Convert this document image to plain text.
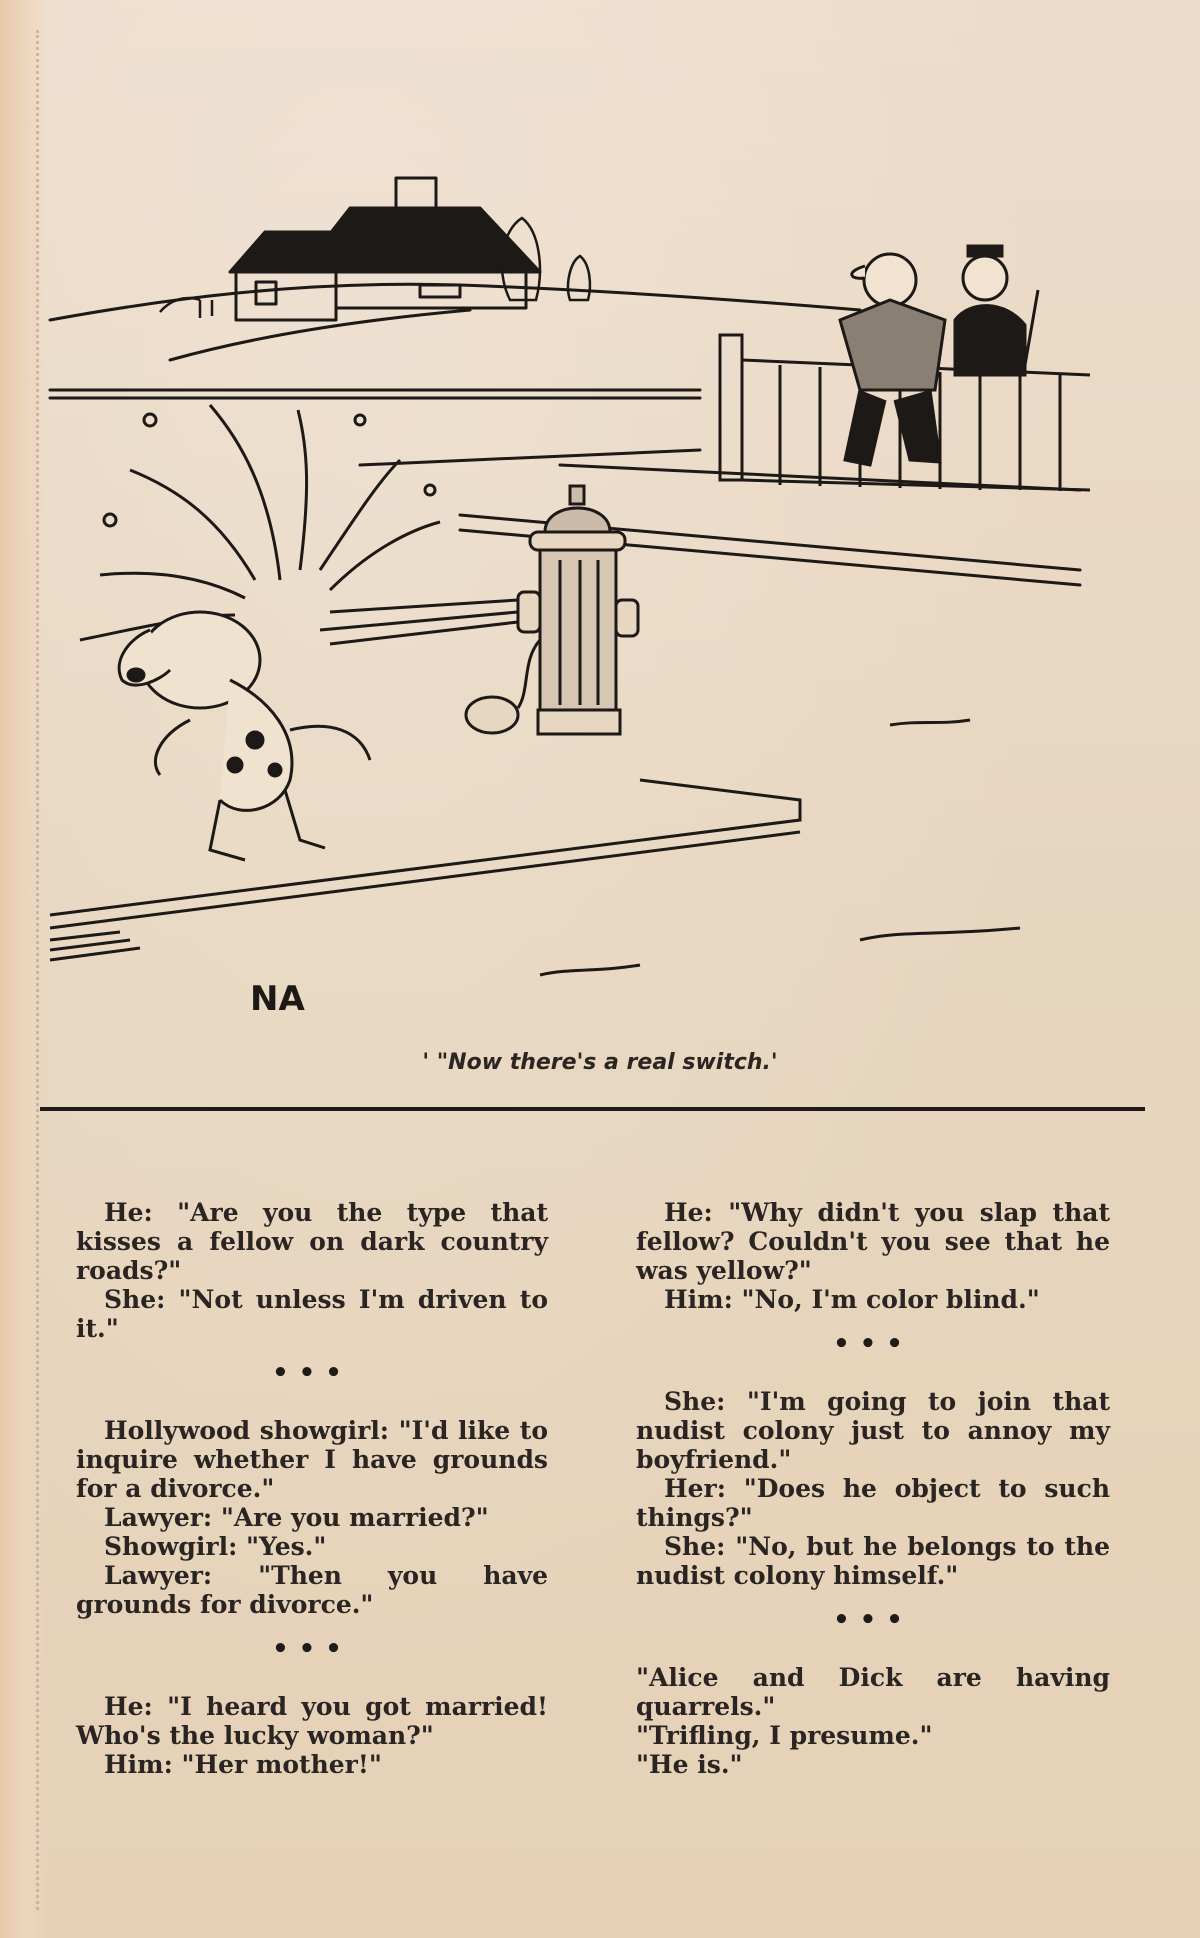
NA
' "Now there's a real switch.'

He: "Are you the type that kisses a fellow on dark country roads?"

She: "Not unless I'm driven to it."

•••

Hollywood showgirl: "I'd like to inquire whether I have grounds for a divorce."

Lawyer: "Are you married?"

Showgirl: "Yes."

Lawyer: "Then you have grounds for divorce."

•••

He: "I heard you got married! Who's the lucky woman?"

Him: "Her mother!"

He: "Why didn't you slap that fellow? Couldn't you see that he was yellow?"

Him: "No, I'm color blind."

•••

She: "I'm going to join that nudist colony just to annoy my boyfriend."

Her: "Does he object to such things?"

She: "No, but he belongs to the nudist colony himself."

•••

"Alice and Dick are having quarrels."

"Trifling, I presume."

"He is."
